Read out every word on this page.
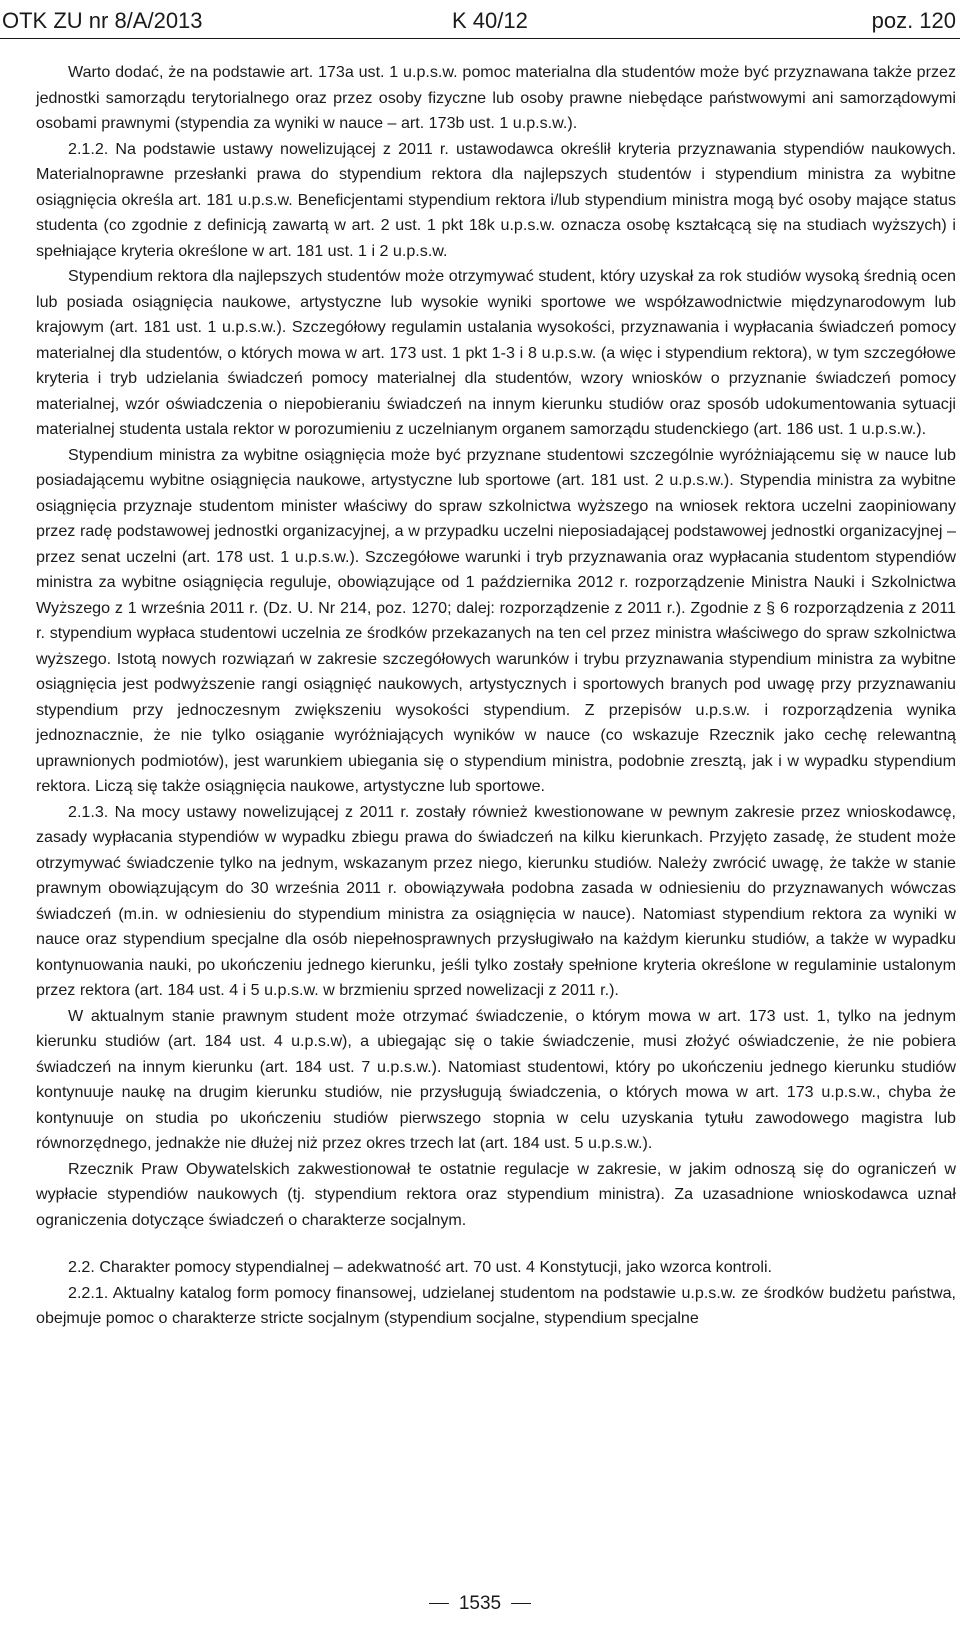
OTK ZU nr 8/A/2013	K 40/12	poz. 120

Warto dodać, że na podstawie art. 173a ust. 1 u.p.s.w. pomoc materialna dla studentów może być przyznawana także przez jednostki samorządu terytorialnego oraz przez osoby fizyczne lub osoby prawne niebędące państwowymi ani samorządowymi osobami prawnymi (stypendia za wyniki w nauce – art. 173b ust. 1 u.p.s.w.).

2.1.2. Na podstawie ustawy nowelizującej z 2011 r. ustawodawca określił kryteria przyznawania stypendiów naukowych. Materialnoprawne przesłanki prawa do stypendium rektora dla najlepszych studentów i stypendium ministra za wybitne osiągnięcia określa art. 181 u.p.s.w. Beneficjentami stypendium rektora i/lub stypendium ministra mogą być osoby mające status studenta (co zgodnie z definicją zawartą w art. 2 ust. 1 pkt 18k u.p.s.w. oznacza osobę kształcącą się na studiach wyższych) i spełniające kryteria określone w art. 181 ust. 1 i 2 u.p.s.w.

Stypendium rektora dla najlepszych studentów może otrzymywać student, który uzyskał za rok studiów wysoką średnią ocen lub posiada osiągnięcia naukowe, artystyczne lub wysokie wyniki sportowe we współzawodnictwie międzynarodowym lub krajowym (art. 181 ust. 1 u.p.s.w.). Szczegółowy regulamin ustalania wysokości, przyznawania i wypłacania świadczeń pomocy materialnej dla studentów, o których mowa w art. 173 ust. 1 pkt 1-3 i 8 u.p.s.w. (a więc i stypendium rektora), w tym szczegółowe kryteria i tryb udzielania świadczeń pomocy materialnej dla studentów, wzory wniosków o przyznanie świadczeń pomocy materialnej, wzór oświadczenia o niepobieraniu świadczeń na innym kierunku studiów oraz sposób udokumentowania sytuacji materialnej studenta ustala rektor w porozumieniu z uczelnianym organem samorządu studenckiego (art. 186 ust. 1 u.p.s.w.).

Stypendium ministra za wybitne osiągnięcia może być przyznane studentowi szczególnie wyróżniającemu się w nauce lub posiadającemu wybitne osiągnięcia naukowe, artystyczne lub sportowe (art. 181 ust. 2 u.p.s.w.). Stypendia ministra za wybitne osiągnięcia przyznaje studentom minister właściwy do spraw szkolnictwa wyższego na wniosek rektora uczelni zaopiniowany przez radę podstawowej jednostki organizacyjnej, a w przypadku uczelni nieposiadającej podstawowej jednostki organizacyjnej – przez senat uczelni (art. 178 ust. 1 u.p.s.w.). Szczegółowe warunki i tryb przyznawania oraz wypłacania studentom stypendiów ministra za wybitne osiągnięcia reguluje, obowiązujące od 1 października 2012 r. rozporządzenie Ministra Nauki i Szkolnictwa Wyższego z 1 września 2011 r. (Dz. U. Nr 214, poz. 1270; dalej: rozporządzenie z 2011 r.). Zgodnie z § 6 rozporządzenia z 2011 r. stypendium wypłaca studentowi uczelnia ze środków przekazanych na ten cel przez ministra właściwego do spraw szkolnictwa wyższego. Istotą nowych rozwiązań w zakresie szczegółowych warunków i trybu przyznawania stypendium ministra za wybitne osiągnięcia jest podwyższenie rangi osiągnięć naukowych, artystycznych i sportowych branych pod uwagę przy przyznawaniu stypendium przy jednoczesnym zwiększeniu wysokości stypendium. Z przepisów u.p.s.w. i rozporządzenia wynika jednoznacznie, że nie tylko osiąganie wyróżniających wyników w nauce (co wskazuje Rzecznik jako cechę relewantną uprawnionych podmiotów), jest warunkiem ubiegania się o stypendium ministra, podobnie zresztą, jak i w wypadku stypendium rektora. Liczą się także osiągnięcia naukowe, artystyczne lub sportowe.

2.1.3. Na mocy ustawy nowelizującej z 2011 r. zostały również kwestionowane w pewnym zakresie przez wnioskodawcę, zasady wypłacania stypendiów w wypadku zbiegu prawa do świadczeń na kilku kierunkach. Przyjęto zasadę, że student może otrzymywać świadczenie tylko na jednym, wskazanym przez niego, kierunku studiów. Należy zwrócić uwagę, że także w stanie prawnym obowiązującym do 30 września 2011 r. obowiązywała podobna zasada w odniesieniu do przyznawanych wówczas świadczeń (m.in. w odniesieniu do stypendium ministra za osiągnięcia w nauce). Natomiast stypendium rektora za wyniki w nauce oraz stypendium specjalne dla osób niepełnosprawnych przysługiwało na każdym kierunku studiów, a także w wypadku kontynuowania nauki, po ukończeniu jednego kierunku, jeśli tylko zostały spełnione kryteria określone w regulaminie ustalonym przez rektora (art. 184 ust. 4 i 5 u.p.s.w. w brzmieniu sprzed nowelizacji z 2011 r.).

W aktualnym stanie prawnym student może otrzymać świadczenie, o którym mowa w art. 173 ust. 1, tylko na jednym kierunku studiów (art. 184 ust. 4 u.p.s.w), a ubiegając się o takie świadczenie, musi złożyć oświadczenie, że nie pobiera świadczeń na innym kierunku (art. 184 ust. 7 u.p.s.w.). Natomiast studentowi, który po ukończeniu jednego kierunku studiów kontynuuje naukę na drugim kierunku studiów, nie przysługują świadczenia, o których mowa w art. 173 u.p.s.w., chyba że kontynuuje on studia po ukończeniu studiów pierwszego stopnia w celu uzyskania tytułu zawodowego magistra lub równorzędnego, jednakże nie dłużej niż przez okres trzech lat (art. 184 ust. 5 u.p.s.w.).

Rzecznik Praw Obywatelskich zakwestionował te ostatnie regulacje w zakresie, w jakim odnoszą się do ograniczeń w wypłacie stypendiów naukowych (tj. stypendium rektora oraz stypendium ministra). Za uzasadnione wnioskodawca uznał ograniczenia dotyczące świadczeń o charakterze socjalnym.

2.2. Charakter pomocy stypendialnej – adekwatność art. 70 ust. 4 Konstytucji, jako wzorca kontroli.

2.2.1. Aktualny katalog form pomocy finansowej, udzielanej studentom na podstawie u.p.s.w. ze środków budżetu państwa, obejmuje pomoc o charakterze stricte socjalnym (stypendium socjalne, stypendium specjalne

1535
